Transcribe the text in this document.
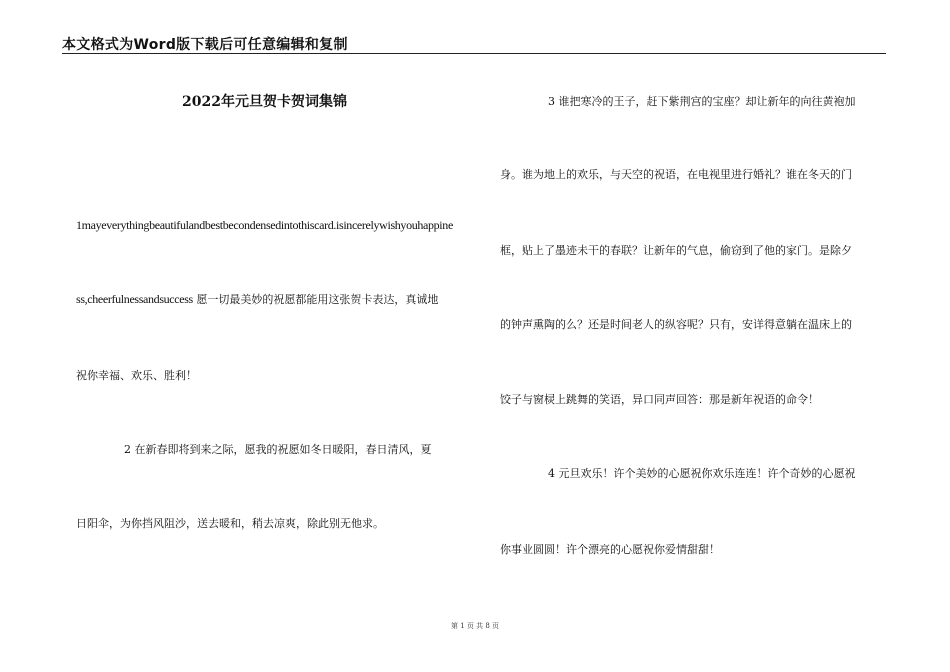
本文格式为Word版下载后可任意编辑和复制

2022年元旦贺卡贺词集锦

1mayeverythingbeautifulandbestbecondensedintothiscard.isincerelywishyouhappine

ss,cheerfulnessandsuccess 愿一切最美妙的祝愿都能用这张贺卡表达，真诚地

祝你幸福、欢乐、胜利！

2 在新春即将到来之际，愿我的祝愿如冬日暖阳，春日清风，夏

日阳伞，为你挡风阻沙，送去暖和，稍去凉爽，除此别无他求。

3 谁把寒冷的王子，赶下紫荆宫的宝座？却让新年的向往黄袍加

身。谁为地上的欢乐，与天空的祝语，在电视里进行婚礼？谁在冬天的门

框，贴上了墨迹未干的春联？让新年的气息，偷窃到了他的家门。是除夕

的钟声熏陶的么？还是时间老人的纵容呢？只有，安详得意躺在温床上的

饺子与窗棂上跳舞的笑语，异口同声回答：那是新年祝语的命令！

4 元旦欢乐！许个美妙的心愿祝你欢乐连连！许个奇妙的心愿祝

你事业圆圆！许个漂亮的心愿祝你爱情甜甜！

第 1 页 共 8 页
